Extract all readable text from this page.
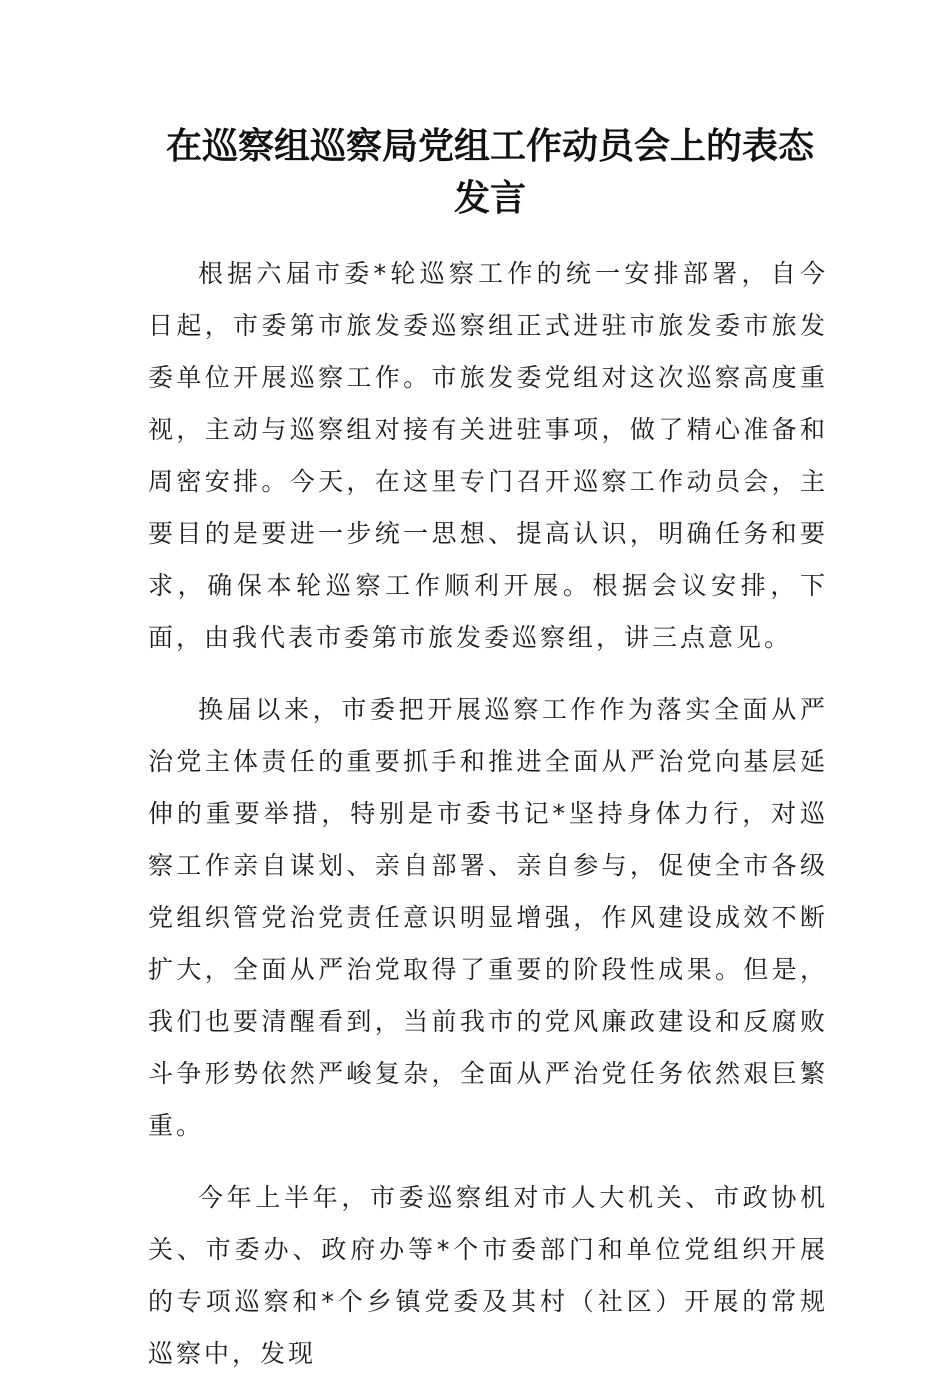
在巡察组巡察局党组工作动员会上的表态发言

根据六届市委*轮巡察工作的统一安排部署，自今日起，市委第市旅发委巡察组正式进驻市旅发委市旅发委单位开展巡察工作。市旅发委党组对这次巡察高度重视，主动与巡察组对接有关进驻事项，做了精心准备和周密安排。今天，在这里专门召开巡察工作动员会，主要目的是要进一步统一思想、提高认识，明确任务和要求，确保本轮巡察工作顺利开展。根据会议安排，下面，由我代表市委第市旅发委巡察组，讲三点意见。

换届以来，市委把开展巡察工作作为落实全面从严治党主体责任的重要抓手和推进全面从严治党向基层延伸的重要举措，特别是市委书记*坚持身体力行，对巡察工作亲自谋划、亲自部署、亲自参与，促使全市各级党组织管党治党责任意识明显增强，作风建设成效不断扩大，全面从严治党取得了重要的阶段性成果。但是，我们也要清醒看到，当前我市的党风廉政建设和反腐败斗争形势依然严峻复杂，全面从严治党任务依然艰巨繁重。

今年上半年，市委巡察组对市人大机关、市政协机关、市委办、政府办等*个市委部门和单位党组织开展的专项巡察和*个乡镇党委及其村（社区）开展的常规巡察中，发现
